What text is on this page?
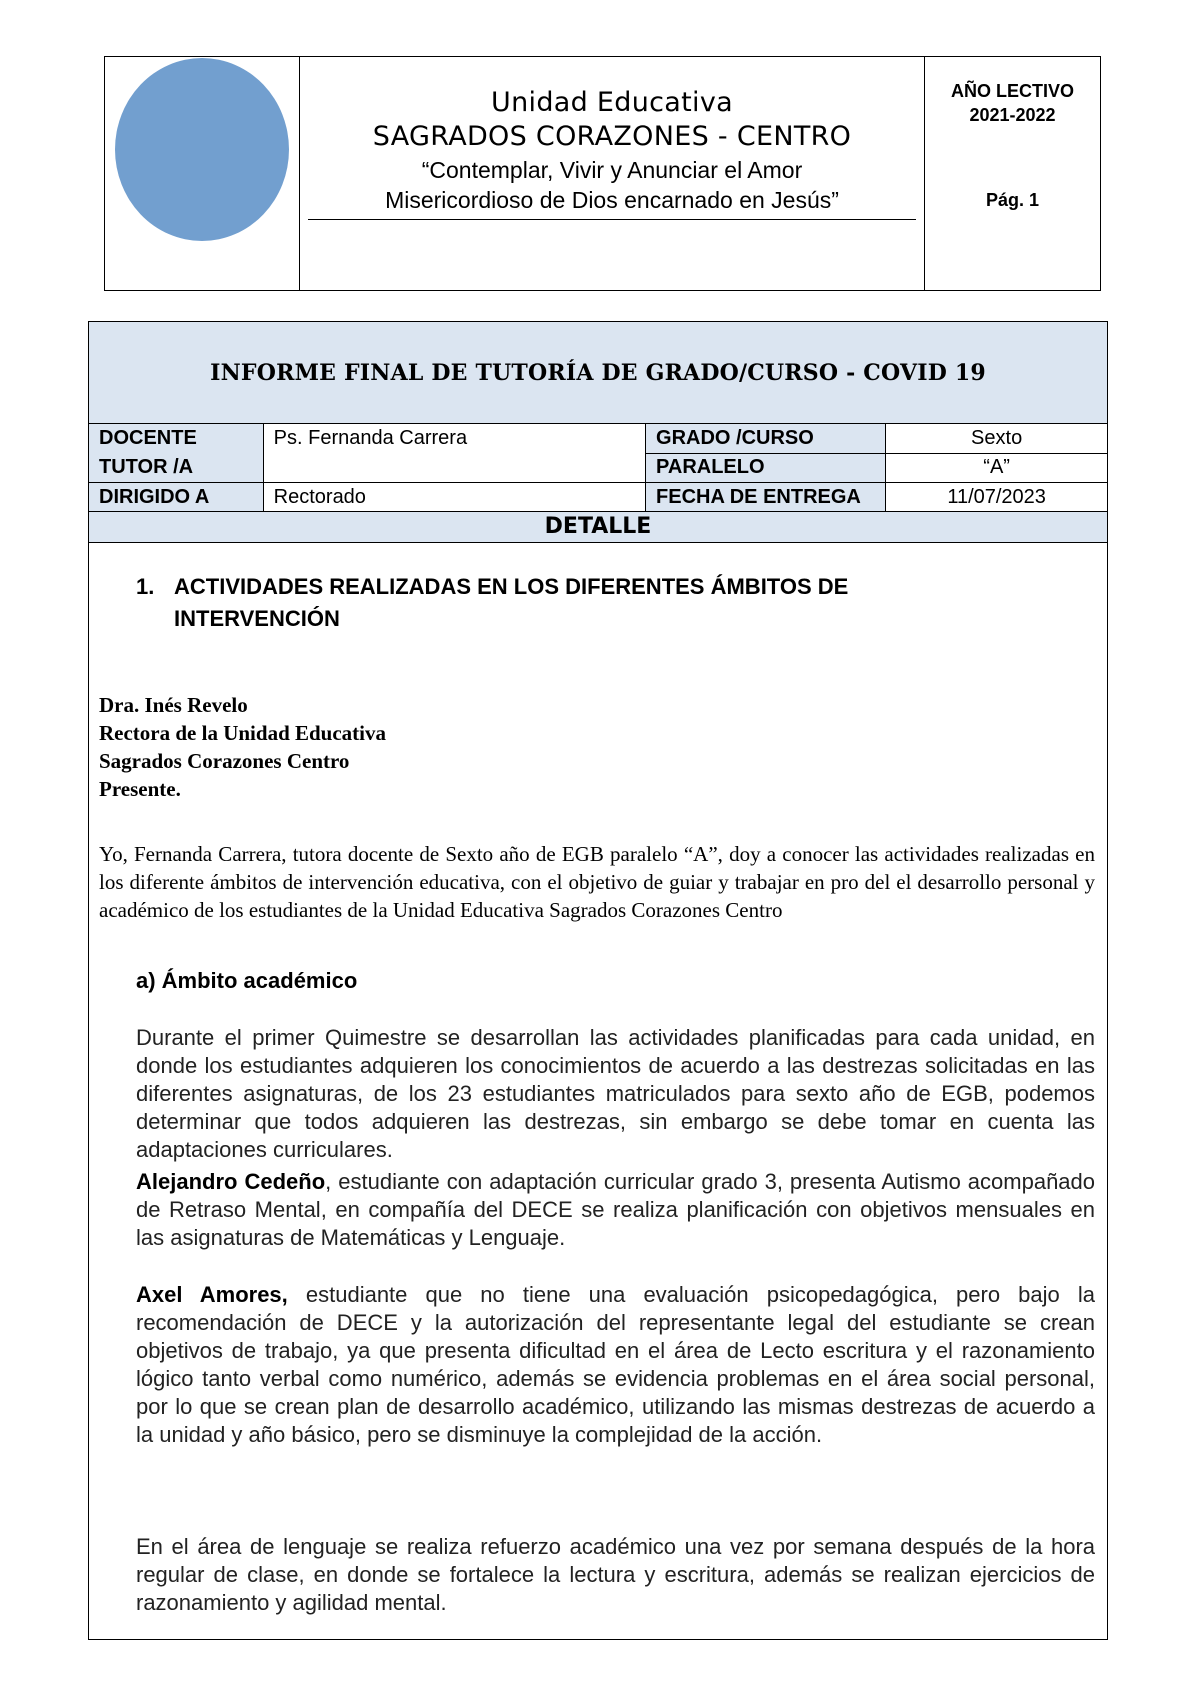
Unidad Educativa
SAGRADOS CORAZONES - CENTRO
“Contemplar, Vivir y Anunciar el Amor
Misericordioso de Dios encarnado en Jesús”
AÑO LECTIVO
2021-2022
Pág. 1
INFORME FINAL DE TUTORÍA DE GRADO/CURSO - COVID 19
DOCENTE
TUTOR /A	Ps. Fernanda Carrera	GRADO /CURSO	Sexto
		PARALELO	“A”
DIRIGIDO A	Rectorado	FECHA DE ENTREGA	11/07/2023
DETALLE
1. ACTIVIDADES REALIZADAS EN LOS DIFERENTES ÁMBITOS DE INTERVENCIÓN
Dra. Inés Revelo
Rectora de la Unidad Educativa
Sagrados Corazones Centro
Presente.
Yo, Fernanda Carrera, tutora docente de Sexto año de EGB paralelo “A”, doy a conocer las actividades realizadas en los diferente ámbitos de intervención educativa, con el objetivo de guiar y trabajar en pro del el desarrollo personal y académico de los estudiantes de la Unidad Educativa Sagrados Corazones Centro
a) Ámbito académico
Durante el primer Quimestre se desarrollan las actividades planificadas para cada unidad, en donde los estudiantes adquieren los conocimientos de acuerdo a las destrezas solicitadas en las diferentes asignaturas, de los 23 estudiantes matriculados para sexto año de EGB, podemos determinar que todos adquieren las destrezas, sin embargo se debe tomar en cuenta las adaptaciones curriculares.
Alejandro Cedeño, estudiante con adaptación curricular grado 3, presenta Autismo acompañado de Retraso Mental, en compañía del DECE se realiza planificación con objetivos mensuales en las asignaturas de Matemáticas y Lenguaje.
Axel Amores, estudiante que no tiene una evaluación psicopedagógica, pero bajo la recomendación de DECE y la autorización del representante legal del estudiante se crean objetivos de trabajo, ya que presenta dificultad en el área de Lecto escritura y el razonamiento lógico tanto verbal como numérico, además se evidencia problemas en el área social personal, por lo que se crean plan de desarrollo académico, utilizando las mismas destrezas de acuerdo a la unidad y año básico, pero se disminuye la complejidad de la acción.
En el área de lenguaje se realiza refuerzo académico una vez por semana después de la hora regular de clase, en donde se fortalece la lectura y escritura, además se realizan ejercicios de razonamiento y agilidad mental.
